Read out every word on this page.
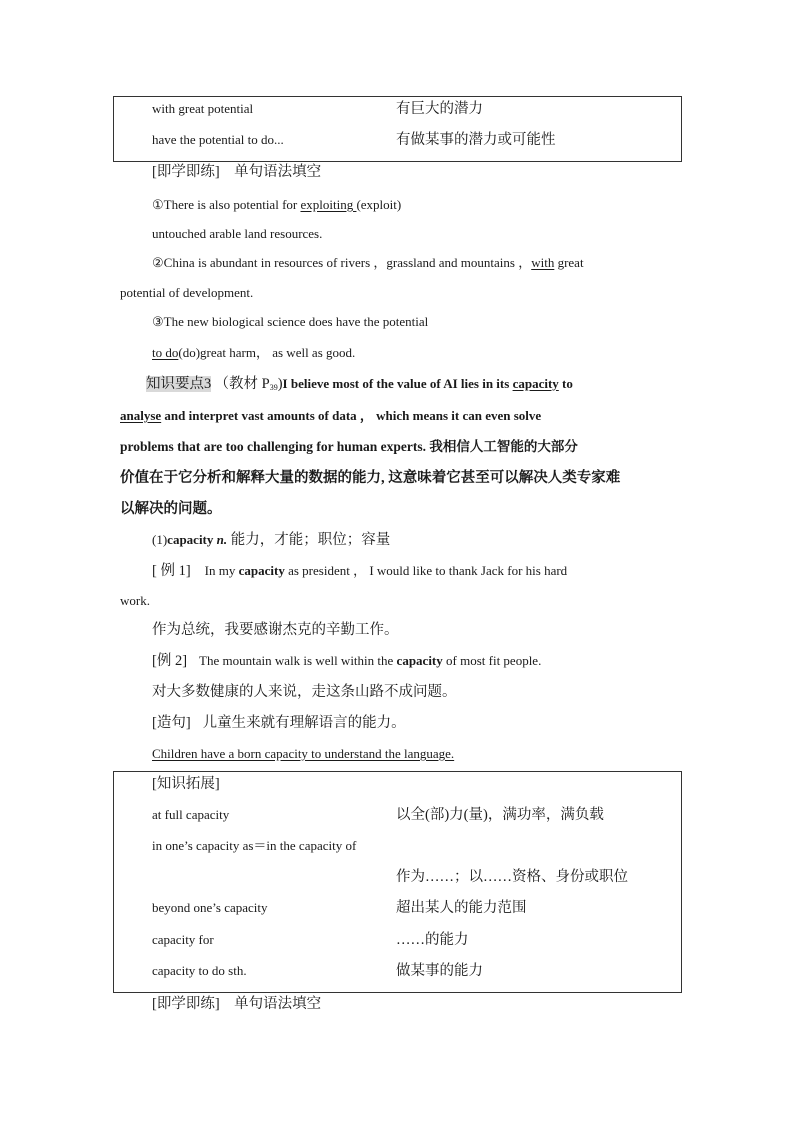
with great potential	有巨大的潜力
have the potential to do...	有做某事的潜力或可能性
[即学即练]　单句语法填空
①There is also potential for exploiting (exploit)
untouched arable land resources.
②China is abundant in resources of rivers ，grassland and mountains ，with great
potential of development.
③The new biological science does have the potential
to do(do)great harm， as well as good.
知识要点3 （教材 $P_{39})I$ believe most of the value of AI lies in its capacity to
analyse and interpret vast amounts of data ， which means it can even solve
problems that are too challenging for human experts. 我相信人工智能的大部分
价值在于它分析和解释大量的数据的能力, 这意味着它甚至可以解决人类专家难
以解决的问题。
(1)capacity n. 能力，才能；职位；容量
[ 例 1] In my capacity as president ， I would like to thank Jack for his hard
work.
作为总统，我要感谢杰克的辛勤工作。
[例 2] The mountain walk is well within the capacity of most fit people.
对大多数健康的人来说，走这条山路不成问题。
[造句] 儿童生来就有理解语言的能力。
Children have a born capacity to understand the language.
[知识拓展]
at full capacity	以全(部)力(量)，满功率，满负载
in one’s capacity as＝in the capacity of
作为……；以……资格、身份或职位
beyond one’s capacity	超出某人的能力范围
capacity for	……的能力
capacity to do sth.	做某事的能力
[即学即练]　单句语法填空
